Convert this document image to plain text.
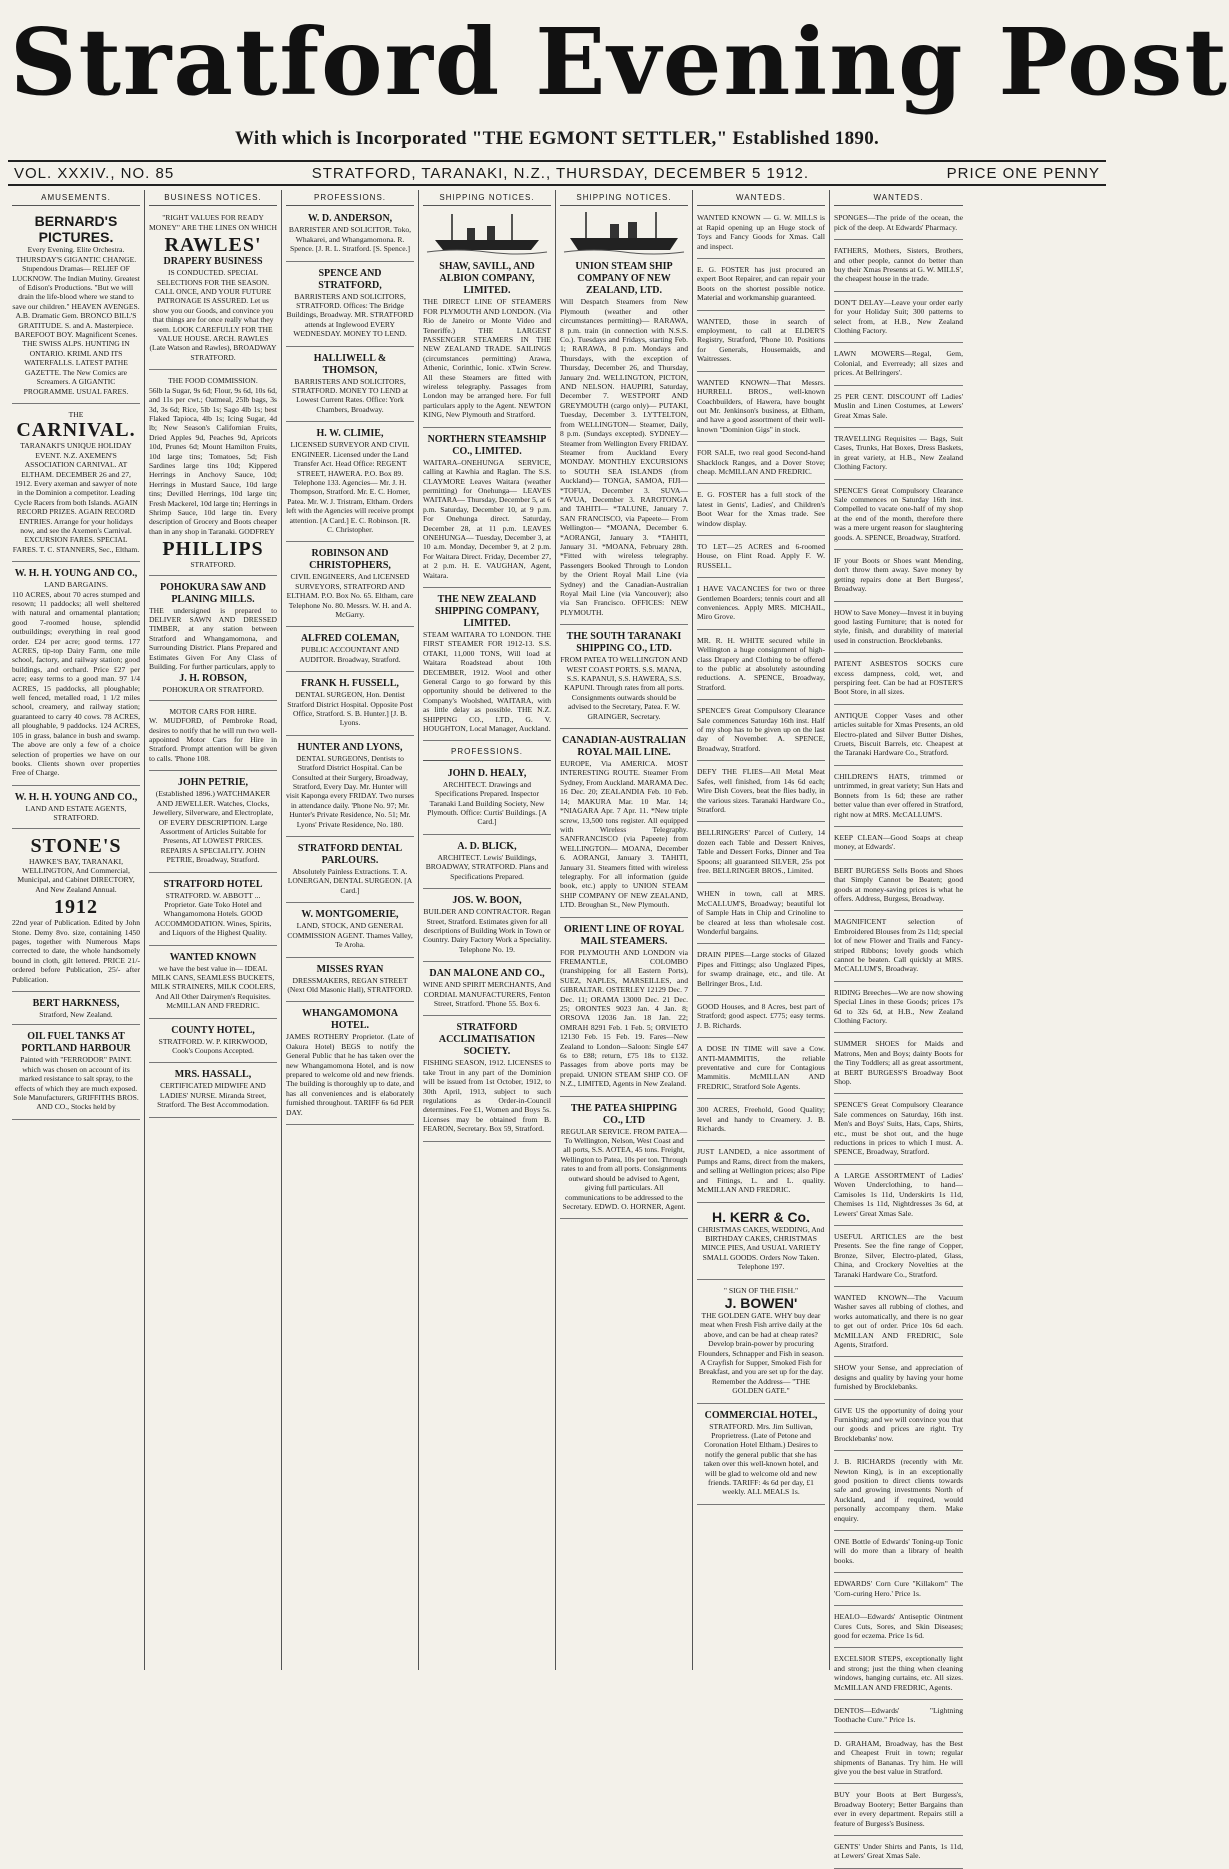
Stratford Evening Post
With which is Incorporated "THE EGMONT SETTLER," Established 1890.
VOL. XXXIV., NO. 85	STRATFORD, TARANAKI, N.Z., THURSDAY, DECEMBER 5 1912.	PRICE ONE PENNY
AMUSEMENTS.
BERNARD'S PICTURES.

Every Evening. Elite Orchestra. THURSDAY'S GIGANTIC CHANGE. Stupendous Dramas— RELIEF OF LUCKNOW. The Indian Mutiny. Greatest of Edison's Productions. "But we will drain the life-blood where we stand to save our children." HEAVEN AVENGES. A.B. Dramatic Gem. BRONCO BILL'S GRATITUDE. S. and A. Masterpiece. BAREFOOT BOY. Magnificent Scenes. THE SWISS ALPS. HUNTING IN ONTARIO. KRIML AND ITS WATERFALLS. LATEST PATHE GAZETTE. The New Comics are Screamers. A GIGANTIC PROGRAMME. USUAL FARES.

THE
CARNIVAL.

TARANAKI'S UNIQUE HOLIDAY EVENT. N.Z. AXEMEN'S ASSOCIATION CARNIVAL. AT ELTHAM. DECEMBER 26 and 27, 1912. Every axeman and sawyer of note in the Dominion a competitor. Leading Cycle Racers from both Islands. AGAIN RECORD PRIZES. AGAIN RECORD ENTRIES. Arrange for your holidays now, and see the Axemen's Carnival. EXCURSION FARES. SPECIAL FARES. T. C. STANNERS, Sec., Eltham.

W. H. H. YOUNG AND CO.,
LAND BARGAINS.

110 ACRES, about 70 acres stumped and resown; 11 paddocks; all well sheltered with natural and ornamental plantation; good 7-roomed house, splendid outbuildings; everything in real good order. £24 per acre; good terms. 177 ACRES, tip-top Dairy Farm, one mile school, factory, and railway station; good buildings, and orchard. Price £27 per acre; easy terms to a good man. 97 1/4 ACRES, 15 paddocks, all ploughable; well fenced, metalled road, 1 1/2 miles school, creamery, and railway station; guaranteed to carry 40 cows. 78 ACRES, all ploughable, 9 paddocks. 124 ACRES, 105 in grass, balance in bush and swamp. The above are only a few of a choice selection of properties we have on our books. Clients shown over properties Free of Charge.

W. H. H. YOUNG AND CO.,
LAND AND ESTATE AGENTS, STRATFORD.
STONE'S

HAWKE'S BAY, TARANAKI, WELLINGTON, And Commercial, Municipal, and Cabinet DIRECTORY, And New Zealand Annual.

1912

22nd year of Publication. Edited by John Stone. Demy 8vo. size, containing 1450 pages, together with Numerous Maps corrected to date, the whole handsomely bound in cloth, gilt lettered. PRICE 21/- ordered before Publication, 25/- after Publication.

BERT HARKNESS,
Stratford, New Zealand.
OIL FUEL TANKS AT PORTLAND HARBOUR

Painted with "FERRODOR" PAINT. which was chosen on account of its marked resistance to salt spray, to the effects of which they are much exposed. Sole Manufacturers, GRIFFITHS BROS. AND CO., Stocks held by

BUSINESS NOTICES.

"RIGHT VALUES FOR READY MONEY" ARE THE LINES ON WHICH

RAWLES'
DRAPERY BUSINESS

IS CONDUCTED. SPECIAL SELECTIONS FOR THE SEASON. CALL ONCE, AND YOUR FUTURE PATRONAGE IS ASSURED. Let us show you our Goods, and convince you that things are for once really what they seem. LOOK CAREFULLY FOR THE VALUE HOUSE. ARCH. RAWLES (Late Watson and Rawles), BROADWAY STRATFORD.

THE FOOD COMMISSION.

56lb la Sugar, 9s 6d; Flour, 9s 6d, 10s 6d, and 11s per cwt.; Oatmeal, 25lb bags, 3s 3d, 3s 6d; Rice, 5lb 1s; Sago 4lb 1s; best Flaked Tapioca, 4lb 1s; Icing Sugar, 4d lb; New Season's Californian Fruits, Dried Apples 9d, Peaches 9d, Apricots 10d, Prunes 6d; Mount Hamilton Fruits, 10d large tins; Tomatoes, 5d; Fish Sardines large tins 10d; Kippered Herrings in Anchovy Sauce, 10d; Herrings in Mustard Sauce, 10d large tins; Devilled Herrings, 10d large tin; Fresh Mackerel, 10d large tin; Herrings in Shrimp Sauce, 10d large tin. Every description of Grocery and Boots cheaper than in any shop in Taranaki. GODFREY

PHILLIPS
STRATFORD.
POHOKURA SAW AND PLANING MILLS.

THE undersigned is prepared to DELIVER SAWN AND DRESSED TIMBER, at any station between Stratford and Whangamomona, and Surrounding District. Plans Prepared and Estimates Given For Any Class of Building. For further particulars, apply to

J. H. ROBSON,
POHOKURA OR STRATFORD.
MOTOR CARS FOR HIRE.

W. MUDFORD, of Pembroke Road, desires to notify that he will run two well-appointed Motor Cars for Hire in Stratford. Prompt attention will be given to calls. 'Phone 108.

JOHN PETRIE,

(Established 1896.) WATCHMAKER AND JEWELLER. Watches, Clocks, Jewellery, Silverware, and Electroplate, OF EVERY DESCRIPTION. Large Assortment of Articles Suitable for Presents, AT LOWEST PRICES. REPAIRS A SPECIALITY. JOHN PETRIE, Broadway, Stratford.

STRATFORD HOTEL

STRATFORD. W. ABBOTT ... Proprietor. Gate Toko Hotel and Whangamomona Hotels. GOOD ACCOMMODATION. Wines, Spirits, and Liquors of the Highest Quality.

WANTED KNOWN

we have the best value in— IDEAL MILK CANS, SEAMLESS BUCKETS, MILK STRAINERS, MILK COOLERS, And All Other Dairymen's Requisites. McMILLAN AND FREDRIC.

COUNTY HOTEL,

STRATFORD. W. P. KIRKWOOD, Cook's Coupons Accepted.

MRS. HASSALL,

CERTIFICATED MIDWIFE AND LADIES' NURSE. Miranda Street, Stratford. The Best Accommodation.

PROFESSIONS.
W. D. ANDERSON,

BARRISTER AND SOLICITOR. Toko, Whakarei, and Whangamomona. R. Spence. [J. R. L. Stratford. [S. Spence.]

SPENCE AND STRATFORD,

BARRISTERS AND SOLICITORS, STRATFORD. Offices: The Bridge Buildings, Broadway. MR. STRATFORD attends at Inglewood EVERY WEDNESDAY. MONEY TO LEND.

HALLIWELL & THOMSON,

BARRISTERS AND SOLICITORS, STRATFORD. MONEY TO LEND at Lowest Current Rates. Office: York Chambers, Broadway.

H. W. CLIMIE,

LICENSED SURVEYOR AND CIVIL ENGINEER. Licensed under the Land Transfer Act. Head Office: REGENT STREET, HAWERA. P.O. Box 89. Telephone 133. Agencies— Mr. J. H. Thompson, Stratford. Mr. E. C. Horner, Patea. Mr. W. J. Tristram, Eltham. Orders left with the Agencies will receive prompt attention. [A Card.] E. C. Robinson. [R. C. Christopher.

ROBINSON AND CHRISTOPHERS,

CIVIL ENGINEERS, And LICENSED SURVEYORS, STRATFORD AND ELTHAM. P.O. Box No. 65. Eltham, care Telephone No. 80. Messrs. W. H. and A. McGarry.

ALFRED COLEMAN,

PUBLIC ACCOUNTANT AND AUDITOR. Broadway, Stratford.

FRANK H. FUSSELL,

DENTAL SURGEON, Hon. Dentist Stratford District Hospital. Opposite Post Office, Stratford. S. B. Hunter.] [J. B. Lyons.

HUNTER AND LYONS,

DENTAL SURGEONS, Dentists to Stratford District Hospital. Can be Consulted at their Surgery, Broadway, Stratford, Every Day. Mr. Hunter will visit Kaponga every FRIDAY. Two nurses in attendance daily. 'Phone No. 97; Mr. Hunter's Private Residence, No. 51; Mr. Lyons' Private Residence, No. 180.

STRATFORD DENTAL PARLOURS.

Absolutely Painless Extractions. T. A. LONERGAN, DENTAL SURGEON. [A Card.]

W. MONTGOMERIE,

LAND, STOCK, AND GENERAL COMMISSION AGENT. Thames Valley, Te Aroha.

MISSES RYAN

DRESSMAKERS, REGAN STREET (Next Old Masonic Hall), STRATFORD.

WHANGAMOMONA HOTEL.

JAMES ROTHERY Proprietor. (Late of Oakura Hotel) BEGS to notify the General Public that he has taken over the new Whangamomona Hotel, and is now prepared to welcome old and new friends. The building is thoroughly up to date, and has all conveniences and is elaborately furnished throughout. TARIFF 6s 6d PER DAY.

SHIPPING NOTICES.
SHAW, SAVILL, AND ALBION COMPANY, LIMITED.

THE DIRECT LINE OF STEAMERS FOR PLYMOUTH AND LONDON. (Via Rio de Janeiro or Monte Video and Teneriffe.) THE LARGEST PASSENGER STEAMERS IN THE NEW ZEALAND TRADE. SAILINGS (circumstances permitting) Arawa, Athenic, Corinthic, Ionic. xTwin Screw. All these Steamers are fitted with wireless telegraphy. Passages from London may be arranged here. For full particulars apply to the Agent. NEWTON KING, New Plymouth and Stratford.

NORTHERN STEAMSHIP CO., LIMITED.

WAITARA–ONEHUNGA SERVICE, calling at Kawhia and Raglan. The S.S. CLAYMORE Leaves Waitara (weather permitting) for Onehunga— LEAVES WAITARA— Thursday, December 5, at 6 p.m. Saturday, December 10, at 9 p.m. For Onehunga direct. Saturday, December 28, at 11 p.m. LEAVES ONEHUNGA— Tuesday, December 3, at 10 a.m. Monday, December 9, at 2 p.m. For Waitara Direct. Friday, December 27, at 2 p.m. H. E. VAUGHAN, Agent, Waitara.

THE NEW ZEALAND SHIPPING COMPANY, LIMITED.

STEAM WAITARA TO LONDON. THE FIRST STEAMER FOR 1912-13. S.S. OTAKI, 11,000 TONS, Will load at Waitara Roadstead about 10th DECEMBER, 1912. Wool and other General Cargo to go forward by this opportunity should be delivered to the Company's Woolshed, WAITARA, with as little delay as possible. THE N.Z. SHIPPING CO., LTD., G. V. HOUGHTON, Local Manager, Auckland.

PROFESSIONS.
JOHN D. HEALY,

ARCHITECT. Drawings and Specifications Prepared. Inspector Taranaki Land Building Society, New Plymouth. Office: Curtis' Buildings. [A Card.]

A. D. BLICK,

ARCHITECT. Lewis' Buildings, BROADWAY, STRATFORD. Plans and Specifications Prepared.

JOS. W. BOON,

BUILDER AND CONTRACTOR. Regan Street, Stratford. Estimates given for all descriptions of Building Work in Town or Country. Dairy Factory Work a Speciality. Telephone No. 19.

DAN MALONE AND CO.,

WINE AND SPIRIT MERCHANTS, And CORDIAL MANUFACTURERS, Fenton Street, Stratford. 'Phone 55. Box 6.

STRATFORD ACCLIMATISATION SOCIETY.

FISHING SEASON, 1912. LICENSES to take Trout in any part of the Dominion will be issued from 1st October, 1912, to 30th April, 1913, subject to such regulations as Order-in-Council determines. Fee £1, Women and Boys 5s. Licenses may be obtained from B. FEARON, Secretary. Box 59, Stratford.

SHIPPING NOTICES.
UNION STEAM SHIP COMPANY OF NEW ZEALAND, LTD.

Will Despatch Steamers from New Plymouth (weather and other circumstances permitting)— RARAWA, 8 p.m. train (in connection with N.S.S. Co.). Tuesdays and Fridays, starting Feb. 1; RARAWA, 8 p.m. Mondays and Thursdays, with the exception of Thursday, December 26, and Thursday, January 2nd. WELLINGTON, PICTON, AND NELSON. HAUPIRI, Saturday, December 7. WESTPORT AND GREYMOUTH (cargo only)— PUTAKI, Tuesday, December 3. LYTTELTON, from WELLINGTON— Steamer, Daily, 8 p.m. (Sundays excepted). SYDNEY— Steamer from Wellington Every FRIDAY. Steamer from Auckland Every MONDAY. MONTHLY EXCURSIONS to SOUTH SEA ISLANDS (from Auckland)— TONGA, SAMOA, FIJI— *TOFUA, December 3. SUVA— *AVUA, December 3. RAROTONGA and TAHITI— *TALUNE, January 7. SAN FRANCISCO, via Papeete— From Wellington— *MOANA, December 6. *AORANGI, January 3. *TAHITI, January 31. *MOANA, February 28th. *Fitted with wireless telegraphy. Passengers Booked Through to London by the Orient Royal Mail Line (via Sydney) and the Canadian-Australian Royal Mail Line (via Vancouver); also via San Francisco. OFFICES: NEW PLYMOUTH.

THE SOUTH TARANAKI SHIPPING CO., LTD.

FROM PATEA TO WELLINGTON AND WEST COAST PORTS. S.S. MANA, S.S. KAPANUI, S.S. HAWERA, S.S. KAPUNI. Through rates from all ports. Consignments outwards should be advised to the Secretary, Patea. F. W. GRAINGER, Secretary.

CANADIAN-AUSTRALIAN ROYAL MAIL LINE.

EUROPE, Via AMERICA. MOST INTERESTING ROUTE. Steamer From Sydney, From Auckland. MARAMA Dec. 16 Dec. 20; ZEALANDIA Feb. 10 Feb. 14; MAKURA Mar. 10 Mar. 14; *NIAGARA Apr. 7 Apr. 11. *New triple screw, 13,500 tons register. All equipped with Wireless Telegraphy. SANFRANCISCO (via Papeete) from WELLINGTON— MOANA, December 6. AORANGI, January 3. TAHITI, January 31. Steamers fitted with wireless telegraphy. For all information (guide book, etc.) apply to UNION STEAM SHIP COMPANY OF NEW ZEALAND, LTD. Broughan St., New Plymouth.

ORIENT LINE OF ROYAL MAIL STEAMERS.

FOR PLYMOUTH AND LONDON via FREMANTLE, COLOMBO (transhipping for all Eastern Ports), SUEZ, NAPLES, MARSEILLES, and GIBRALTAR. OSTERLEY 12129 Dec. 7 Dec. 11; ORAMA 13000 Dec. 21 Dec. 25; ORONTES 9023 Jan. 4 Jan. 8; ORSOVA 12036 Jan. 18 Jan. 22; OMRAH 8291 Feb. 1 Feb. 5; ORVIETO 12130 Feb. 15 Feb. 19. Fares—New Zealand to London—Saloon: Single £47 6s to £88; return, £75 18s to £132. Passages from above ports may be prepaid. UNION STEAM SHIP CO. OF N.Z., LIMITED, Agents in New Zealand.

THE PATEA SHIPPING CO., LTD

REGULAR SERVICE. FROM PATEA— To Wellington, Nelson, West Coast and all ports, S.S. AOTEA, 45 tons. Freight, Wellington to Patea, 10s per ton. Through rates to and from all ports. Consignments outward should be advised to Agent, giving full particulars. All communications to be addressed to the Secretary. EDWD. O. HORNER, Agent.

WANTEDS.

WANTED KNOWN — G. W. MILLS is at Rapid opening up an Huge stock of Toys and Fancy Goods for Xmas. Call and inspect.

E. G. FOSTER has just procured an expert Boot Repairer, and can repair your Boots on the shortest possible notice. Material and workmanship guaranteed.

WANTED, those in search of employment, to call at ELDER'S Registry, Stratford, 'Phone 10. Positions for Generals, Housemaids, and Waitresses.

WANTED KNOWN—That Messrs. HURRELL BROS., well-known Coachbuilders, of Hawera, have bought out Mr. Jenkinson's business, at Eltham, and have a good assortment of their well-known "Dominion Gigs" in stock.

FOR SALE, two real good Second-hand Shacklock Ranges, and a Dover Stove; cheap. McMILLAN AND FREDRIC.

E. G. FOSTER has a full stock of the latest in Gents', Ladies', and Children's Boot Wear for the Xmas trade. See window display.

TO LET—25 ACRES and 6-roomed House, on Flint Road. Apply F. W. RUSSELL.

I HAVE VACANCIES for two or three Gentlemen Boarders; tennis court and all conveniences. Apply MRS. MICHAIL, Miro Grove.

MR. R. H. WHITE secured while in Wellington a huge consignment of high-class Drapery and Clothing to be offered to the public at absolutely astounding reductions. A. SPENCE, Broadway, Stratford.

SPENCE'S Great Compulsory Clearance Sale commences Saturday 16th inst. Half of my shop has to be given up on the last day of November. A. SPENCE, Broadway, Stratford.

DEFY THE FLIES—All Metal Meat Safes, well finished, from 14s 6d each; Wire Dish Covers, beat the flies badly, in the various sizes. Taranaki Hardware Co., Stratford.

BELLRINGERS' Parcel of Cutlery, 14 dozen each Table and Dessert Knives, Table and Dessert Forks, Dinner and Tea Spoons; all guaranteed SILVER, 25s pot free. BELLRINGER BROS., Limited.

WHEN in town, call at MRS. McCALLUM'S, Broadway; beautiful lot of Sample Hats in Chip and Crinoline to be cleared at less than wholesale cost. Wonderful bargains.

DRAIN PIPES—Large stocks of Glazed Pipes and Fittings; also Unglazed Pipes, for swamp drainage, etc., and tile. At Bellringer Bros., Ltd.

GOOD Houses, and 8 Acres, best part of Stratford; good aspect. £775; easy terms. J. B. Richards.

A DOSE IN TIME will save a Cow. ANTI-MAMMITIS, the reliable preventative and cure for Contagious Mammitis. McMILLAN AND FREDRIC, Stratford Sole Agents.

300 ACRES, Freehold, Good Quality; level and handy to Creamery. J. B. Richards.

JUST LANDED, a nice assortment of Pumps and Rams, direct from the makers, and selling at Wellington prices; also Pipe and Fittings, L. and L. quality. McMILLAN AND FREDRIC.

H. KERR & Co.

CHRISTMAS CAKES, WEDDING, And BIRTHDAY CAKES, CHRISTMAS MINCE PIES, And USUAL VARIETY SMALL GOODS. Orders Now Taken. Telephone 197.

" SIGN OF THE FISH."
J. BOWEN'

THE GOLDEN GATE. WHY buy dear meat when Fresh Fish arrive daily at the above, and can be had at cheap rates? Develop brain-power by procuring Flounders, Schnapper and Fish in season. A Crayfish for Supper, Smoked Fish for Breakfast, and you are set up for the day. Remember the Address— "THE GOLDEN GATE."

COMMERCIAL HOTEL,

STRATFORD. Mrs. Jim Sullivan, Proprietress. (Late of Petone and Coronation Hotel Eltham.) Desires to notify the general public that she has taken over this well-known hotel, and will be glad to welcome old and new friends. TARIFF: 4s 6d per day, £1 weekly. ALL MEALS 1s.

WANTEDS.

SPONGES—The pride of the ocean, the pick of the deep. At Edwards' Pharmacy.

FATHERS, Mothers, Sisters, Brothers, and other people, cannot do better than buy their Xmas Presents at G. W. MILLS', the cheapest house in the trade.

DON'T DELAY—Leave your order early for your Holiday Suit; 300 patterns to select from, at H.B., New Zealand Clothing Factory.

LAWN MOWERS—Regal, Gem, Colonial, and Everready; all sizes and prices. At Bellringers'.

25 PER CENT. DISCOUNT off Ladies' Muslin and Linen Costumes, at Lewers' Great Xmas Sale.

TRAVELLING Requisites — Bags, Suit Cases, Trunks, Hat Boxes, Dress Baskets, in great variety, at H.B., New Zealand Clothing Factory.

SPENCE'S Great Compulsory Clearance Sale commences on Saturday 16th inst. Compelled to vacate one-half of my shop at the end of the month, therefore there was a mere urgent reason for slaughtering goods. A. SPENCE, Broadway, Stratford.

IF your Boots or Shoes want Mending, don't throw them away. Save money by getting repairs done at Bert Burgess', Broadway.

HOW to Save Money—Invest it in buying good lasting Furniture; that is noted for style, finish, and durability of material used in construction. Brocklebanks.

PATENT ASBESTOS SOCKS cure excess dampness, cold, wet, and perspiring feet. Can be had at FOSTER'S Boot Store, in all sizes.

ANTIQUE Copper Vases and other articles suitable for Xmas Presents, an old Electro-plated and Silver Butter Dishes, Cruets, Biscuit Barrels, etc. Cheapest at the Taranaki Hardware Co., Stratford.

CHILDREN'S HATS, trimmed or untrimmed, in great variety; Sun Hats and Bonnets from 1s 6d; these are rather better value than ever offered in Stratford, right now at MRS. McCALLUM'S.

KEEP CLEAN—Good Soaps at cheap money, at Edwards'.

BERT BURGESS Sells Boots and Shoes that Simply Cannot be Beaten; good goods at money-saving prices is what he offers. Address, Burgess, Broadway.

MAGNIFICENT selection of Embroidered Blouses from 2s 11d; special lot of new Flower and Trails and Fancy-striped Ribbons; lovely goods which cannot be beaten. Call quickly at MRS. McCALLUM'S, Broadway.

RIDING Breeches—We are now showing Special Lines in these Goods; prices 17s 6d to 32s 6d, at H.B., New Zealand Clothing Factory.

SUMMER SHOES for Maids and Matrons, Men and Boys; dainty Boots for the Tiny Toddlers; all as great assortment, at BERT BURGESS'S Broadway Boot Shop.

SPENCE'S Great Compulsory Clearance Sale commences on Saturday, 16th inst. Men's and Boys' Suits, Hats, Caps, Shirts, etc., must be shot out, and the huge reductions in prices to which I must. A. SPENCE, Broadway, Stratford.

A LARGE ASSORTMENT of Ladies' Woven Underclothing, to hand—Camisoles 1s 11d, Underskirts 1s 11d, Chemises 1s 11d, Nightdresses 3s 6d, at Lewers' Great Xmas Sale.

USEFUL ARTICLES are the best Presents. See the fine range of Copper, Bronze, Silver, Electro-plated, Glass, China, and Crockery Novelties at the Taranaki Hardware Co., Stratford.

WANTED KNOWN—The Vacuum Washer saves all rubbing of clothes, and works automatically, and there is no gear to get out of order. Price 10s 6d each. McMILLAN AND FREDRIC, Sole Agents, Stratford.

SHOW your Sense, and appreciation of designs and quality by having your home furnished by Brocklebanks.

GIVE US the opportunity of doing your Furnishing; and we will convince you that our goods and prices are right. Try Brocklebanks' now.

J. B. RICHARDS (recently with Mr. Newton King), is in an exceptionally good position to direct clients towards safe and growing investments North of Auckland, and if required, would personally accompany them. Make enquiry.

ONE Bottle of Edwards' Toning-up Tonic will do more than a library of health books.

EDWARDS' Corn Cure "Killakorn" The 'Corn-curing Hero.' Price 1s.

HEALO—Edwards' Antiseptic Ointment Cures Cuts, Sores, and Skin Diseases; good for eczema. Price 1s 6d.

EXCELSIOR STEPS, exceptionally light and strong; just the thing when cleaning windows, hanging curtains, etc. All sizes. McMILLAN AND FREDRIC, Agents.

DENTOS—Edwards' "Lightning Toothache Cure." Price 1s.

D. GRAHAM, Broadway, has the Best and Cheapest Fruit in town; regular shipments of Bananas. Try him. He will give you the best value in Stratford.

BUY your Boots at Bert Burgess's, Broadway Bootery; Better Bargains than ever in every department. Repairs still a feature of Burgess's Business.

GENTS' Under Shirts and Pants, 1s 11d, at Lewers' Great Xmas Sale.
